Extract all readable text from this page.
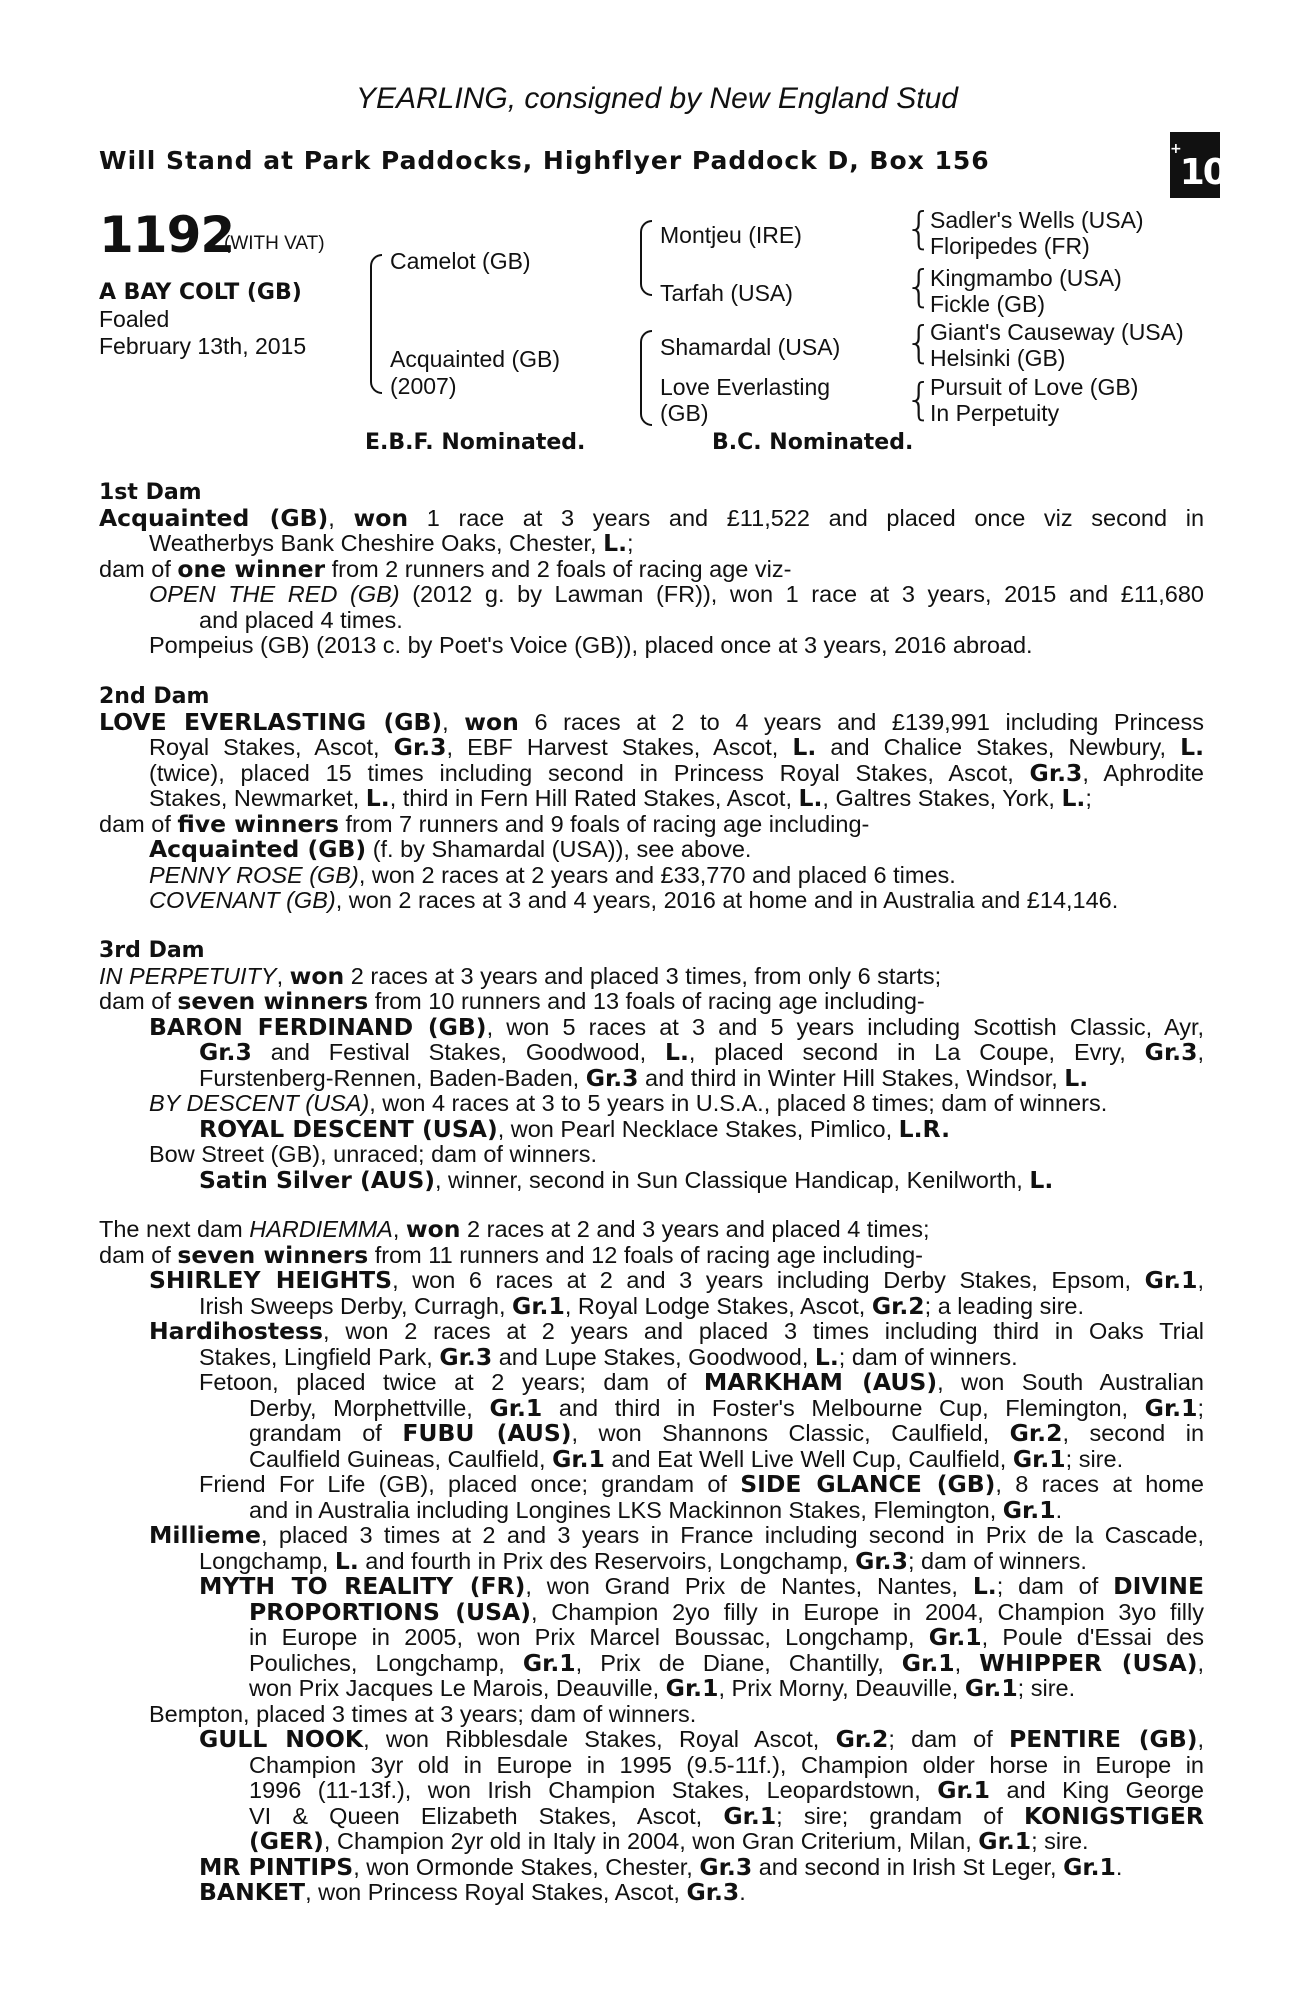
YEARLING, consigned by New England Stud
Will Stand at Park Paddocks, Highflyer Paddock D, Box 156	+10
1192
(WITH VAT)
A BAY COLT (GB)
Foaled
February 13th, 2015
{
{
{
{
Camelot (GB)
Acquainted (GB)
(2007)
Montjeu (IRE)
Tarfah (USA)
Shamardal (USA)
Love Everlasting
(GB)
Sadler's Wells (USA)
Floripedes (FR)
Kingmambo (USA)
Fickle (GB)
Giant's Causeway (USA)
Helsinki (GB)
Pursuit of Love (GB)
In Perpetuity
E.B.F. Nominated.	B.C. Nominated.
1st Dam
Acquainted (GB), won 1 race at 3 years and £11,522 and placed once viz second in
Weatherbys Bank Cheshire Oaks, Chester, L.;
dam of one winner from 2 runners and 2 foals of racing age viz-
OPEN THE RED (GB) (2012 g. by Lawman (FR)), won 1 race at 3 years, 2015 and £11,680
and placed 4 times.
Pompeius (GB) (2013 c. by Poet's Voice (GB)), placed once at 3 years, 2016 abroad.
2nd Dam
LOVE EVERLASTING (GB), won 6 races at 2 to 4 years and £139,991 including Princess
Royal Stakes, Ascot, Gr.3, EBF Harvest Stakes, Ascot, L. and Chalice Stakes, Newbury, L.
(twice), placed 15 times including second in Princess Royal Stakes, Ascot, Gr.3, Aphrodite
Stakes, Newmarket, L., third in Fern Hill Rated Stakes, Ascot, L., Galtres Stakes, York, L.;
dam of five winners from 7 runners and 9 foals of racing age including-
Acquainted (GB) (f. by Shamardal (USA)), see above.
PENNY ROSE (GB), won 2 races at 2 years and £33,770 and placed 6 times.
COVENANT (GB), won 2 races at 3 and 4 years, 2016 at home and in Australia and £14,146.
3rd Dam
IN PERPETUITY, won 2 races at 3 years and placed 3 times, from only 6 starts;
dam of seven winners from 10 runners and 13 foals of racing age including-
BARON FERDINAND (GB), won 5 races at 3 and 5 years including Scottish Classic, Ayr,
Gr.3 and Festival Stakes, Goodwood, L., placed second in La Coupe, Evry, Gr.3,
Furstenberg-Rennen, Baden-Baden, Gr.3 and third in Winter Hill Stakes, Windsor, L.
BY DESCENT (USA), won 4 races at 3 to 5 years in U.S.A., placed 8 times; dam of winners.
ROYAL DESCENT (USA), won Pearl Necklace Stakes, Pimlico, L.R.
Bow Street (GB), unraced; dam of winners.
Satin Silver (AUS), winner, second in Sun Classique Handicap, Kenilworth, L.
The next dam HARDIEMMA, won 2 races at 2 and 3 years and placed 4 times;
dam of seven winners from 11 runners and 12 foals of racing age including-
SHIRLEY HEIGHTS, won 6 races at 2 and 3 years including Derby Stakes, Epsom, Gr.1,
Irish Sweeps Derby, Curragh, Gr.1, Royal Lodge Stakes, Ascot, Gr.2; a leading sire.
Hardihostess, won 2 races at 2 years and placed 3 times including third in Oaks Trial
Stakes, Lingfield Park, Gr.3 and Lupe Stakes, Goodwood, L.; dam of winners.
Fetoon, placed twice at 2 years; dam of MARKHAM (AUS), won South Australian
Derby, Morphettville, Gr.1 and third in Foster's Melbourne Cup, Flemington, Gr.1;
grandam of FUBU (AUS), won Shannons Classic, Caulfield, Gr.2, second in
Caulfield Guineas, Caulfield, Gr.1 and Eat Well Live Well Cup, Caulfield, Gr.1; sire.
Friend For Life (GB), placed once; grandam of SIDE GLANCE (GB), 8 races at home
and in Australia including Longines LKS Mackinnon Stakes, Flemington, Gr.1.
Millieme, placed 3 times at 2 and 3 years in France including second in Prix de la Cascade,
Longchamp, L. and fourth in Prix des Reservoirs, Longchamp, Gr.3; dam of winners.
MYTH TO REALITY (FR), won Grand Prix de Nantes, Nantes, L.; dam of DIVINE
PROPORTIONS (USA), Champion 2yo filly in Europe in 2004, Champion 3yo filly
in Europe in 2005, won Prix Marcel Boussac, Longchamp, Gr.1, Poule d'Essai des
Pouliches, Longchamp, Gr.1, Prix de Diane, Chantilly, Gr.1, WHIPPER (USA),
won Prix Jacques Le Marois, Deauville, Gr.1, Prix Morny, Deauville, Gr.1; sire.
Bempton, placed 3 times at 3 years; dam of winners.
GULL NOOK, won Ribblesdale Stakes, Royal Ascot, Gr.2; dam of PENTIRE (GB),
Champion 3yr old in Europe in 1995 (9.5-11f.), Champion older horse in Europe in
1996 (11-13f.), won Irish Champion Stakes, Leopardstown, Gr.1 and King George
VI & Queen Elizabeth Stakes, Ascot, Gr.1; sire; grandam of KONIGSTIGER
(GER), Champion 2yr old in Italy in 2004, won Gran Criterium, Milan, Gr.1; sire.
MR PINTIPS, won Ormonde Stakes, Chester, Gr.3 and second in Irish St Leger, Gr.1.
BANKET, won Princess Royal Stakes, Ascot, Gr.3.
